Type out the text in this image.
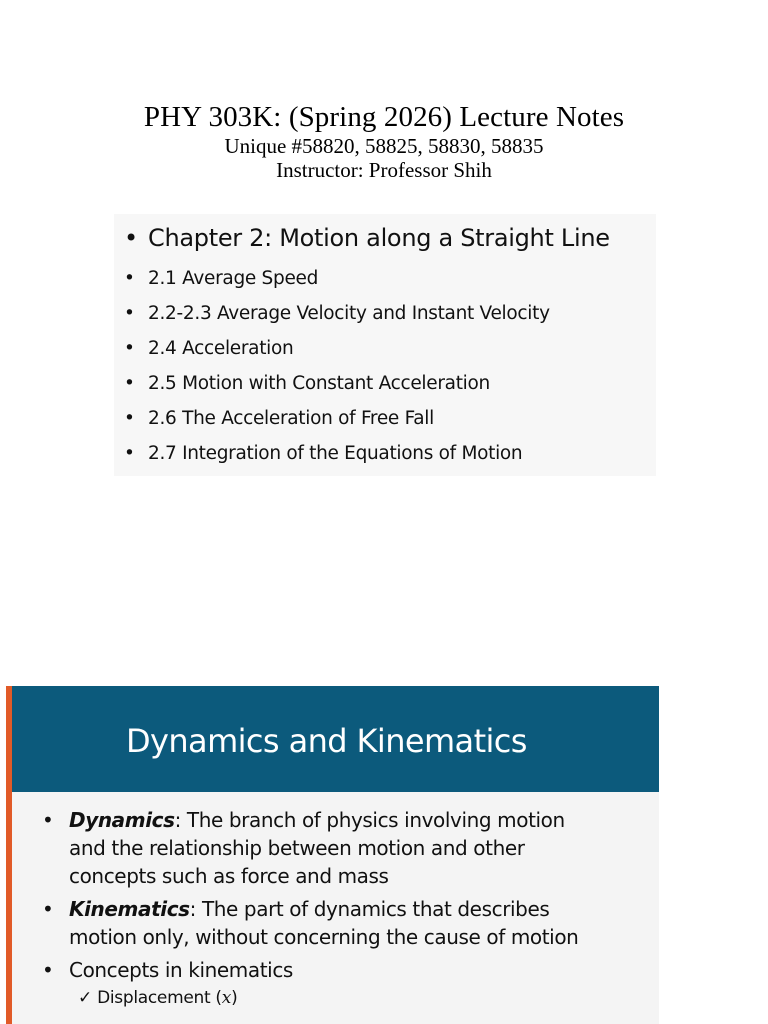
PHY 303K: (Spring 2026) Lecture Notes
Unique #58820, 58825, 58830, 58835
Instructor: Professor Shih
• Chapter 2: Motion along a Straight Line
• 2.1 Average Speed
• 2.2-2.3 Average Velocity and Instant Velocity
• 2.4 Acceleration
• 2.5 Motion with Constant Acceleration
• 2.6 The Acceleration of Free Fall
• 2.7 Integration of the Equations of Motion
Dynamics and Kinematics
• Dynamics: The branch of physics involving motion
and the relationship between motion and other
concepts such as force and mass
• Kinematics: The part of dynamics that describes
motion only, without concerning the cause of motion
• Concepts in kinematics
✓ Displacement (x)
